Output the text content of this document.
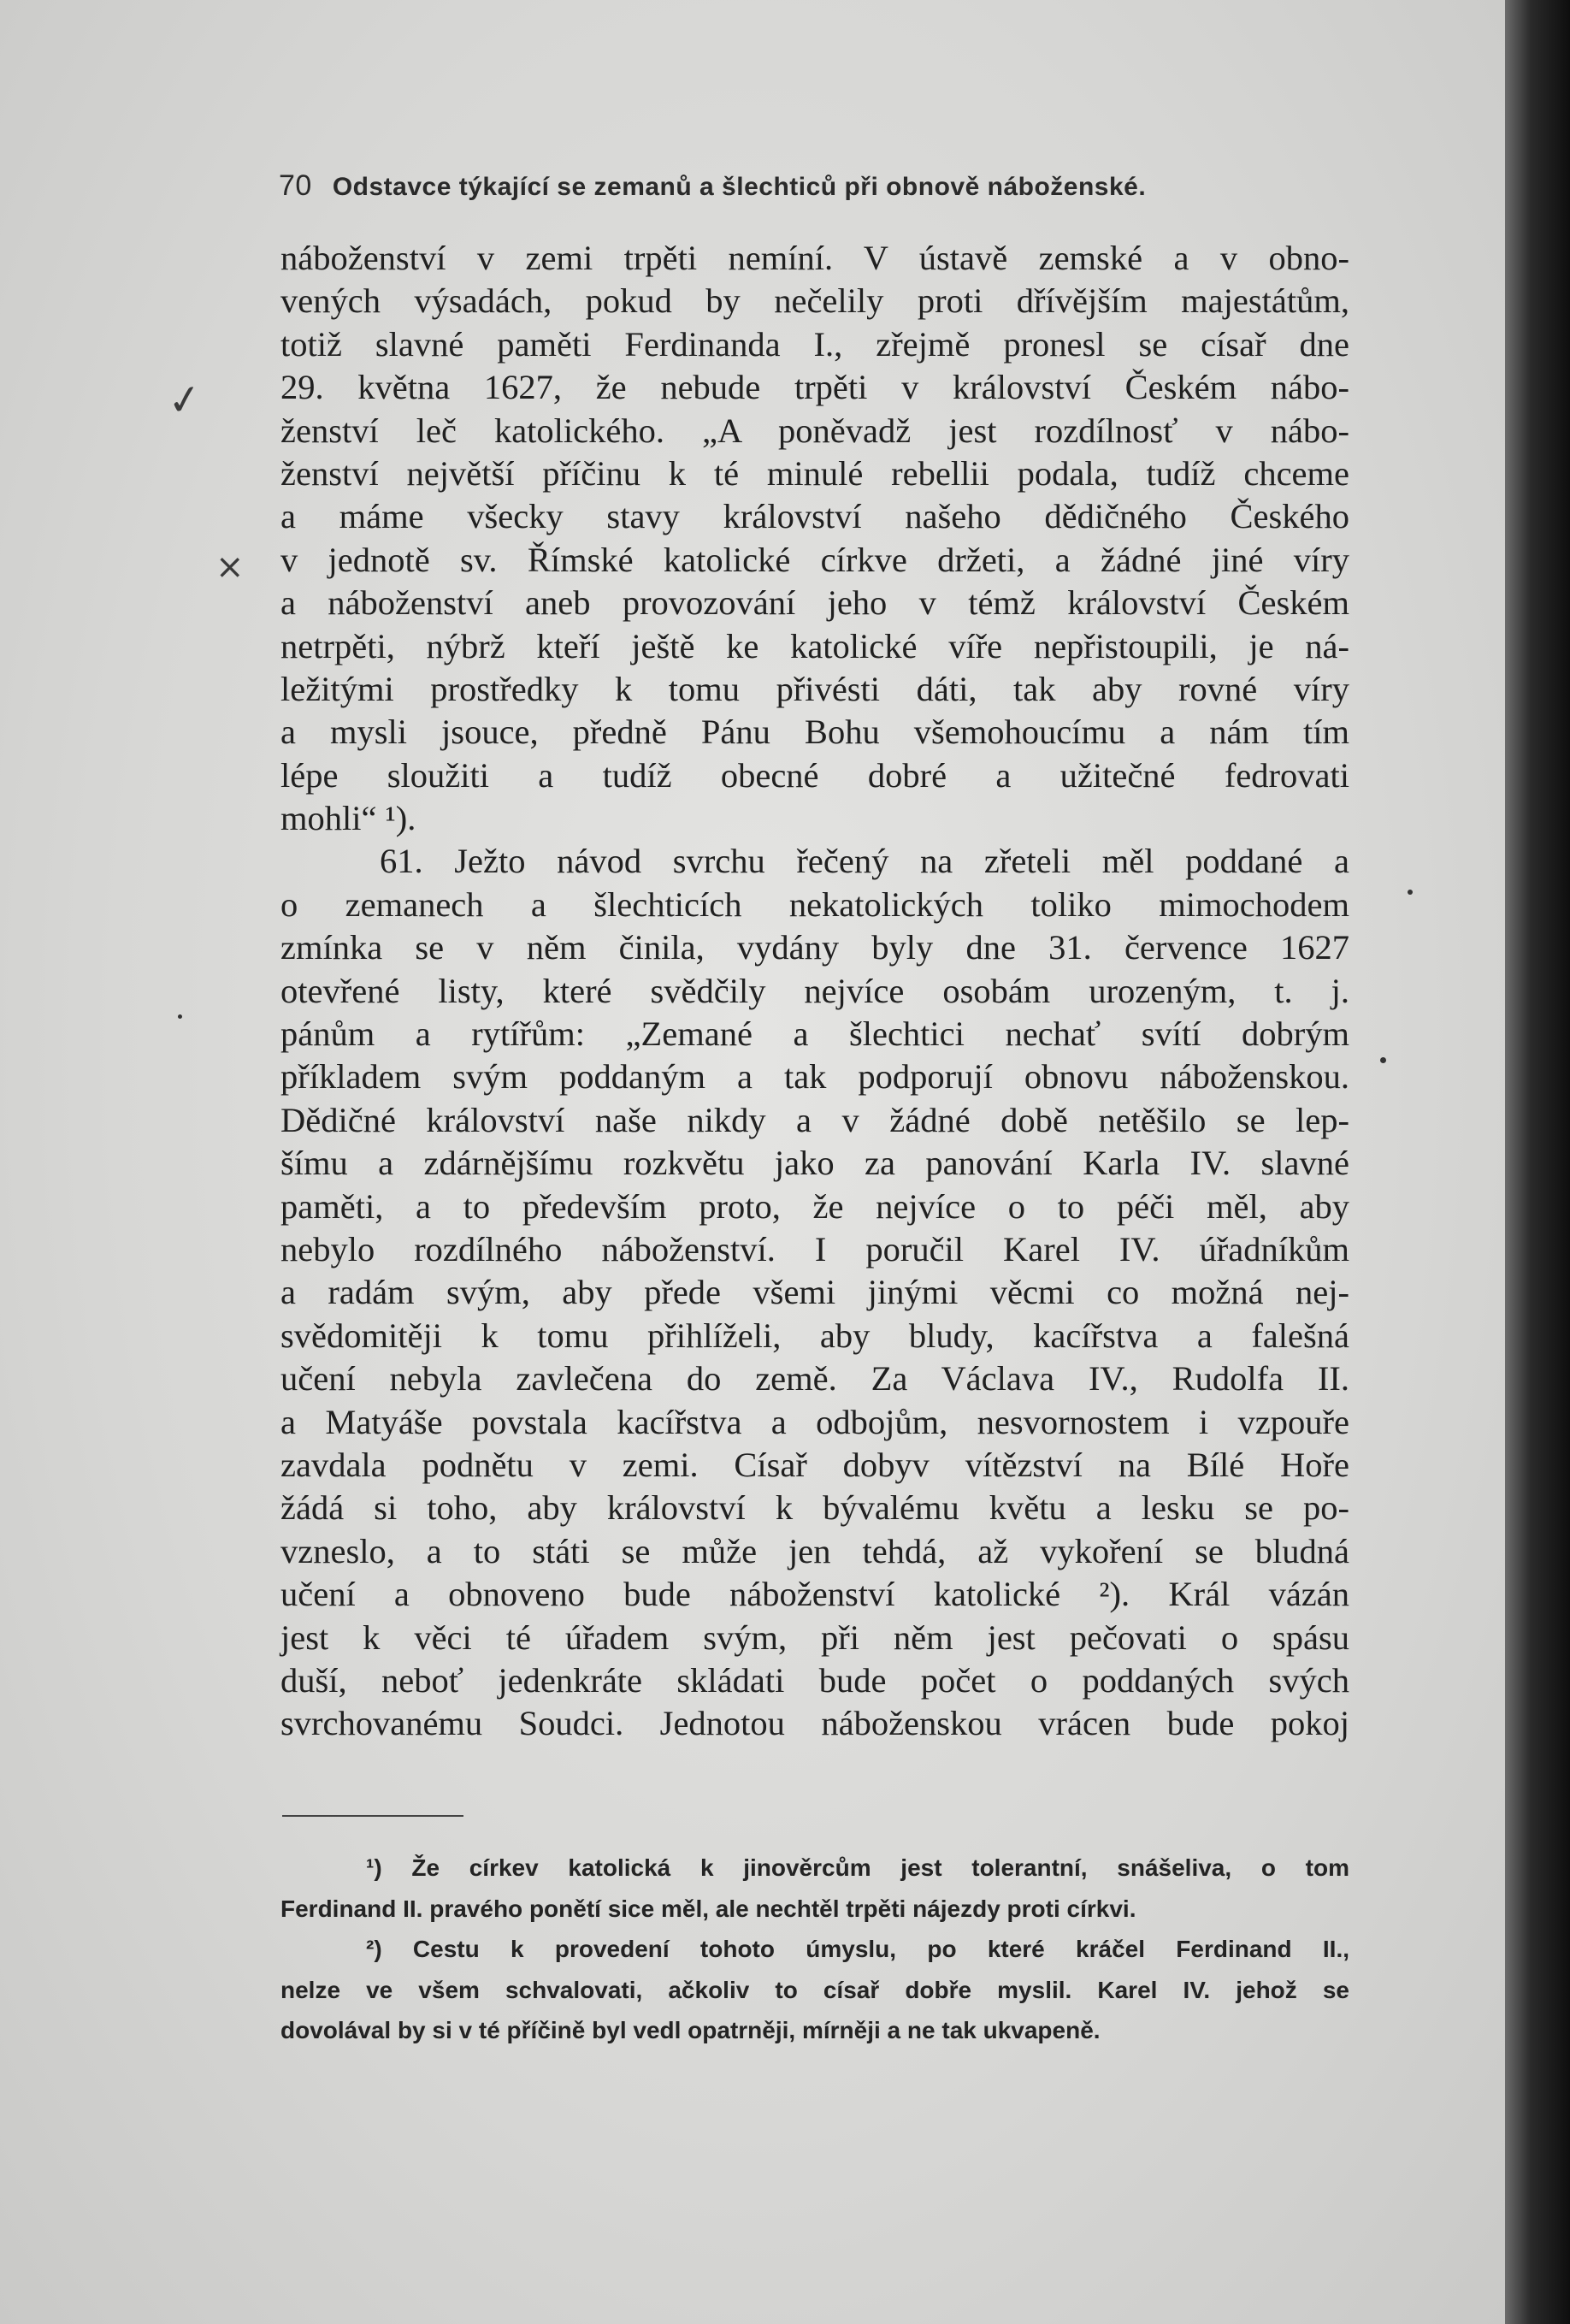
70 Odstavce týkající se zemanů a šlechticů při obnově náboženské.
✓
×
náboženství v zemi trpěti nemíní. V ústavě zemské a v obno-
vených výsadách, pokud by nečelily proti dřívějším majestátům,
totiž slavné paměti Ferdinanda I., zřejmě pronesl se císař dne
29. května 1627, že nebude trpěti v království Českém nábo-
ženství leč katolického. „A poněvadž jest rozdílnosť v nábo-
ženství největší příčinu k té minulé rebellii podala, tudíž chceme
a máme všecky stavy království našeho dědičného Českého
v jednotě sv. Římské katolické církve držeti, a žádné jiné víry
a náboženství aneb provozování jeho v témž království Českém
netrpěti, nýbrž kteří ještě ke katolické víře nepřistoupili, je ná-
ležitými prostředky k tomu přivésti dáti, tak aby rovné víry
a mysli jsouce, předně Pánu Bohu všemohoucímu a nám tím
lépe sloužiti a tudíž obecné dobré a užitečné fedrovati
mohli“ ¹).
61. Ježto návod svrchu řečený na zřeteli měl poddané a
o zemanech a šlechticích nekatolických toliko mimochodem
zmínka se v něm činila, vydány byly dne 31. července 1627
otevřené listy, které svědčily nejvíce osobám urozeným, t. j.
pánům a rytířům: „Zemané a šlechtici nechať svítí dobrým
příkladem svým poddaným a tak podporují obnovu náboženskou.
Dědičné království naše nikdy a v žádné době netěšilo se lep-
šímu a zdárnějšímu rozkvětu jako za panování Karla IV. slavné
paměti, a to především proto, že nejvíce o to péči měl, aby
nebylo rozdílného náboženství. I poručil Karel IV. úřadníkům
a radám svým, aby přede všemi jinými věcmi co možná nej-
svědomitěji k tomu přihlíželi, aby bludy, kacířstva a falešná
učení nebyla zavlečena do země. Za Václava IV., Rudolfa II.
a Matyáše povstala kacířstva a odbojům, nesvornostem i vzpouře
zavdala podnětu v zemi. Císař dobyv vítězství na Bílé Hoře
žádá si toho, aby království k bývalému květu a lesku se po-
vzneslo, a to státi se může jen tehdá, až vykoření se bludná
učení a obnoveno bude náboženství katolické ²). Král vázán
jest k věci té úřadem svým, při něm jest pečovati o spásu
duší, neboť jedenkráte skládati bude počet o poddaných svých
svrchovanému Soudci. Jednotou náboženskou vrácen bude pokoj
¹) Že církev katolická k jinověrcům jest tolerantní, snášeliva, o tom
Ferdinand II. pravého ponětí sice měl, ale nechtěl trpěti nájezdy proti církvi.
²) Cestu k provedení tohoto úmyslu, po které kráčel Ferdinand II.,
nelze ve všem schvalovati, ačkoliv to císař dobře myslil. Karel IV. jehož se
dovolával by si v té příčině byl vedl opatrněji, mírněji a ne tak ukvapeně.
